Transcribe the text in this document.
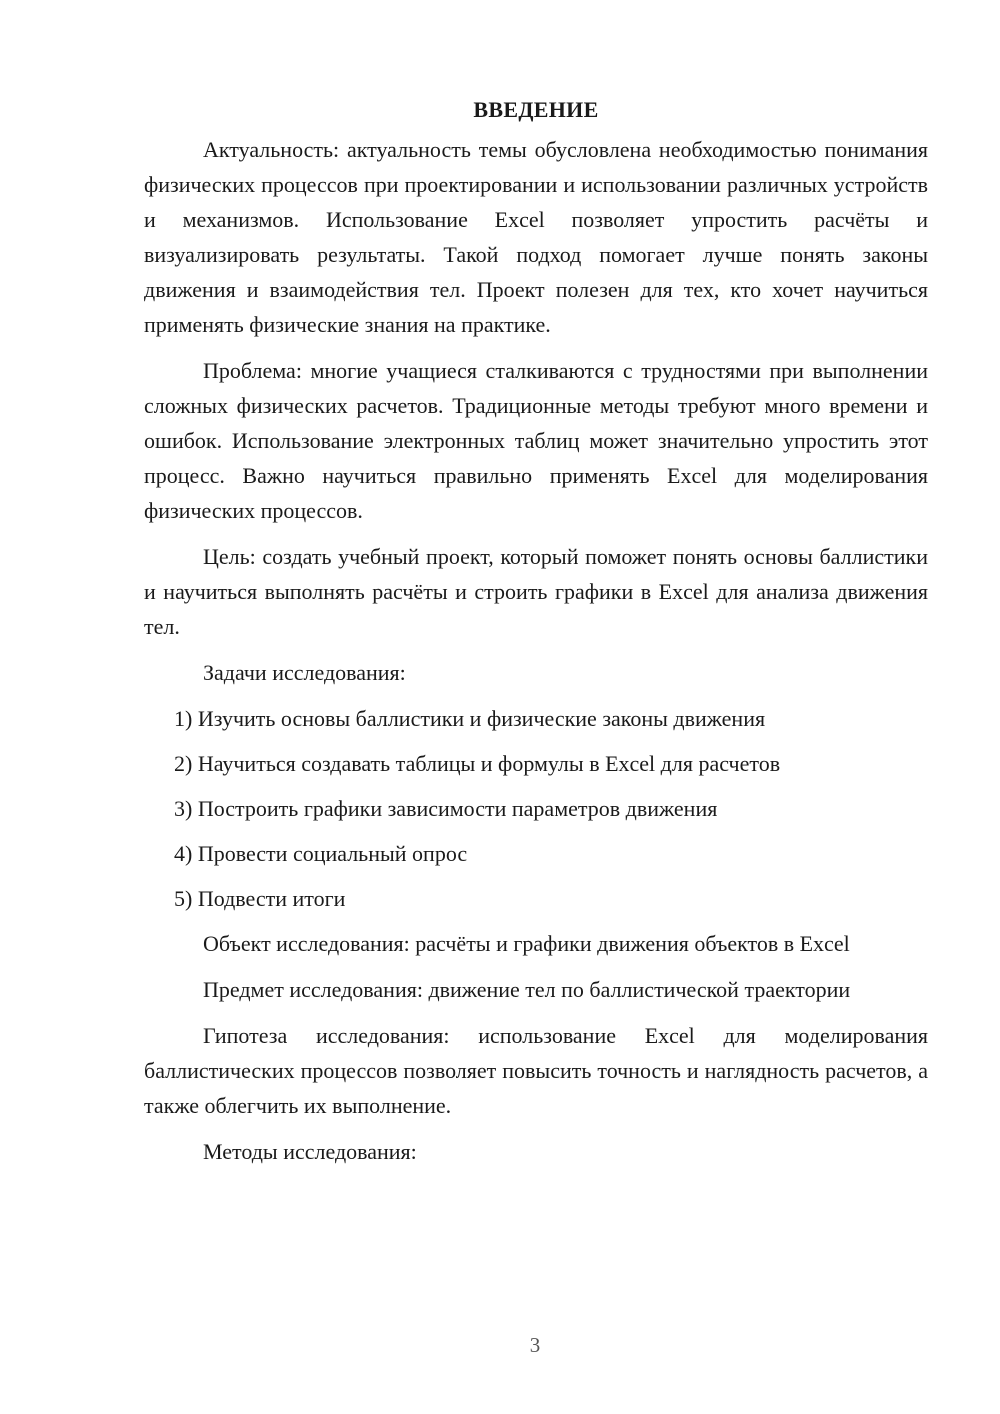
ВВЕДЕНИЕ

Актуальность: актуальность темы обусловлена необходимостью понимания физических процессов при проектировании и использовании различных устройств и механизмов. Использование Excel позволяет упростить расчёты и визуализировать результаты. Такой подход помогает лучше понять законы движения и взаимодействия тел. Проект полезен для тех, кто хочет научиться применять физические знания на практике.

Проблема: многие учащиеся сталкиваются с трудностями при выполнении сложных физических расчетов. Традиционные методы требуют много времени и ошибок. Использование электронных таблиц может значительно упростить этот процесс. Важно научиться правильно применять Excel для моделирования физических процессов.

Цель: создать учебный проект, который поможет понять основы баллистики и научиться выполнять расчёты и строить графики в Excel для анализа движения тел.

Задачи исследования:

1) Изучить основы баллистики и физические законы движения
2) Научиться создавать таблицы и формулы в Excel для расчетов
3) Построить графики зависимости параметров движения
4) Провести социальный опрос
5) Подвести итоги

Объект исследования: расчёты и графики движения объектов в Excel

Предмет исследования: движение тел по баллистической траектории

Гипотеза исследования: использование Excel для моделирования баллистических процессов позволяет повысить точность и наглядность расчетов, а также облегчить их выполнение.

Методы исследования:

3
